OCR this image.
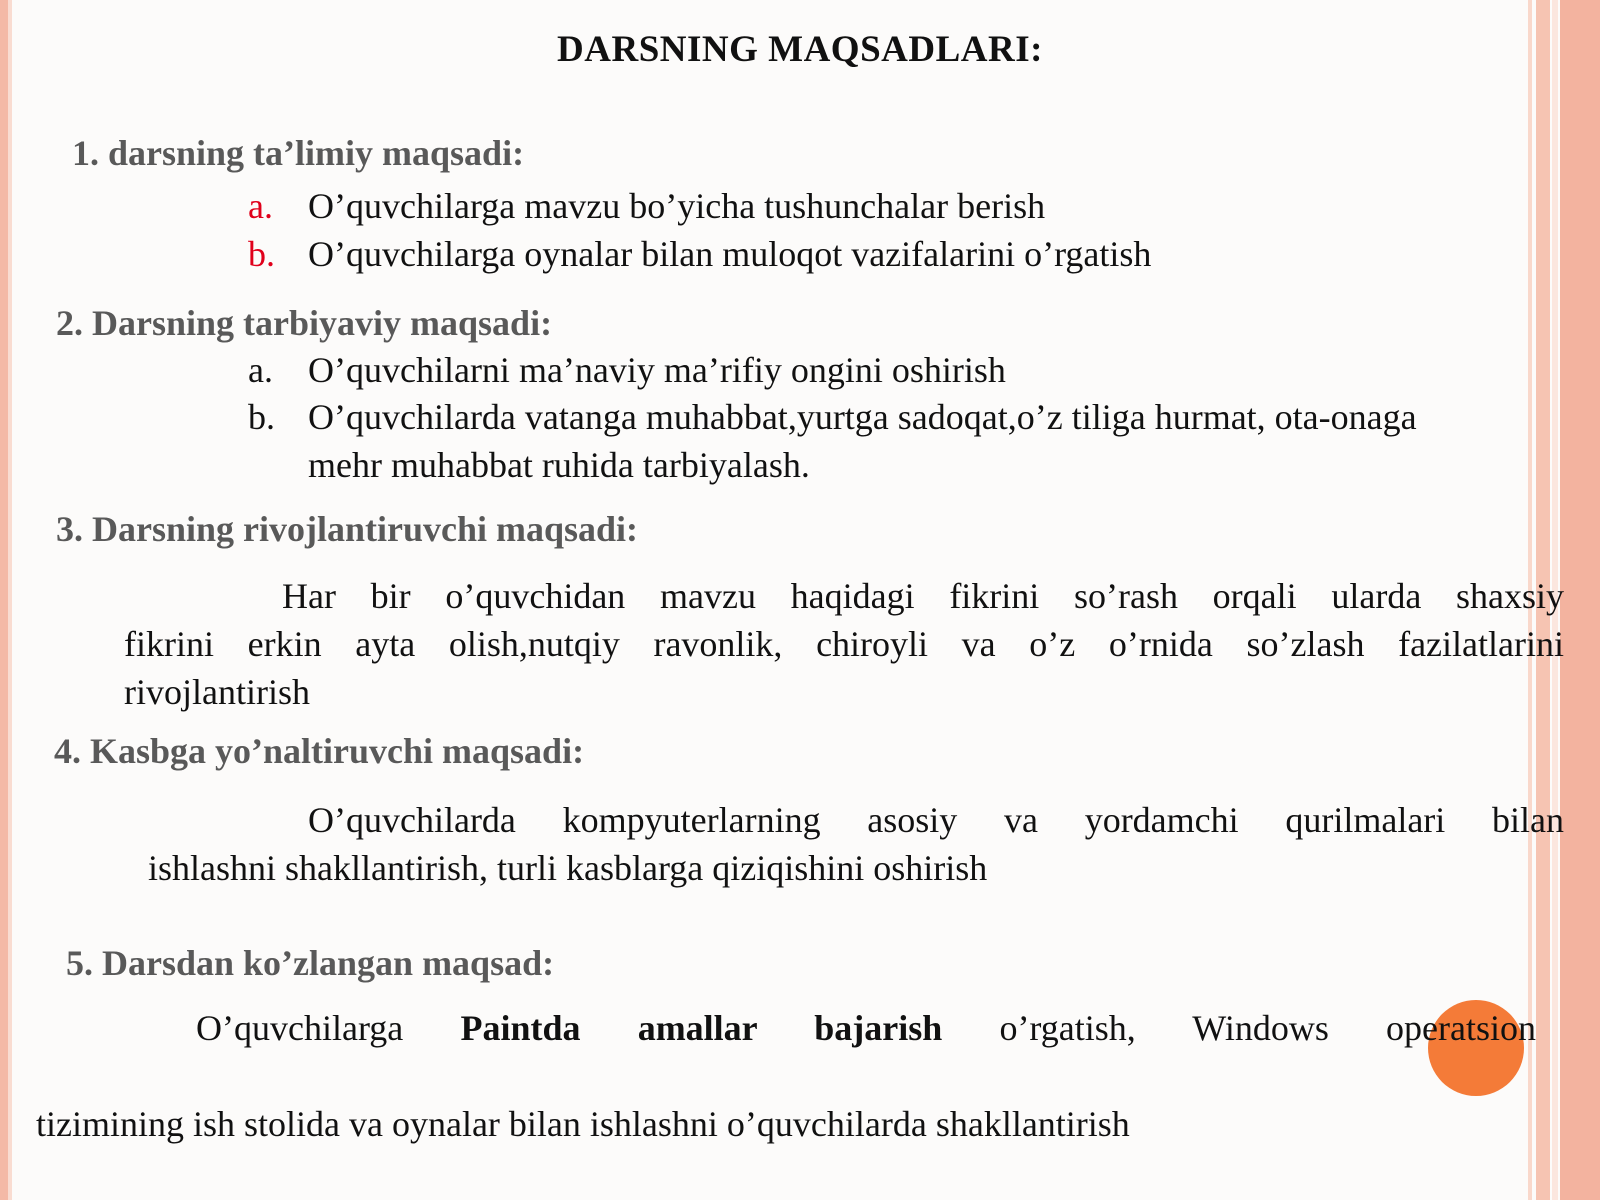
DARSNING MAQSADLARI:
1. darsning ta’limiy maqsadi:
a. O’quvchilarga mavzu bo’yicha tushunchalar berish
b. O’quvchilarga oynalar bilan muloqot vazifalarini o’rgatish
2. Darsning tarbiyaviy maqsadi:
a. O’quvchilarni ma’naviy ma’rifiy ongini oshirish
b. O’quvchilarda vatanga muhabbat,yurtga sadoqat,o’z tiliga hurmat, ota-onaga
mehr muhabbat ruhida tarbiyalash.
3. Darsning rivojlantiruvchi maqsadi:
Har bir o’quvchidan mavzu haqidagi fikrini so’rash orqali ularda shaxsiy
fikrini erkin ayta olish,nutqiy ravonlik, chiroyli va o’z o’rnida so’zlash fazilatlarini
rivojlantirish
4. Kasbga yo’naltiruvchi maqsadi:
O’quvchilarda kompyuterlarning asosiy va yordamchi qurilmalari bilan
ishlashni shakllantirish, turli kasblarga qiziqishini oshirish
5. Darsdan ko’zlangan maqsad:
O’quvchilarga Paintda amallar bajarish o’rgatish, Windows operatsion
tizimining ish stolida va oynalar bilan ishlashni o’quvchilarda shakllantirish
